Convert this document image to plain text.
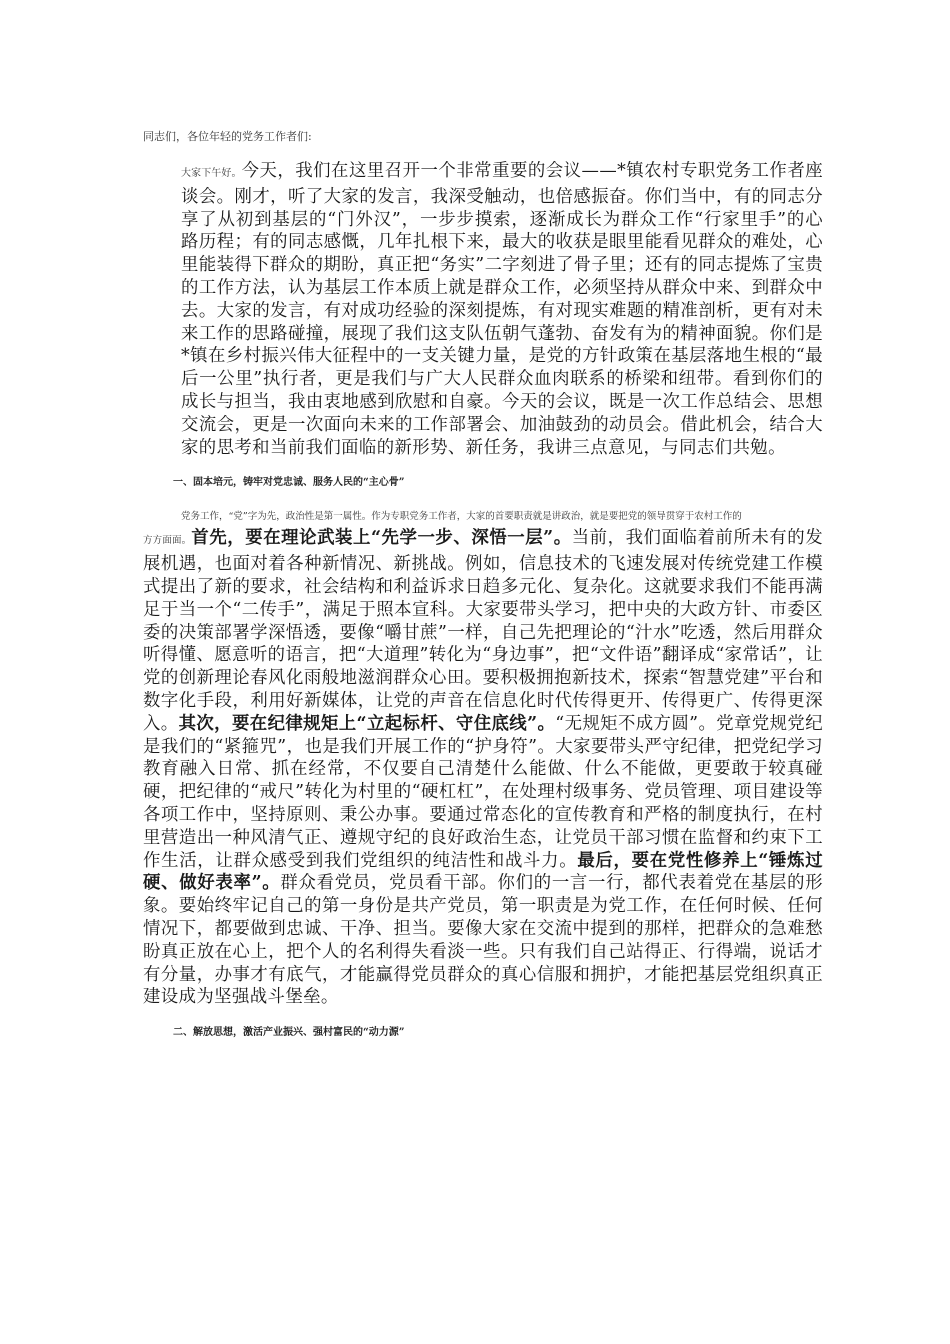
同志们，各位年轻的党务工作者们:

大家下午好。今天，我们在这里召开一个非常重要的会议——*镇农村专职党务工作者座谈会。刚才，听了大家的发言，我深受触动，也倍感振奋。你们当中，有的同志分享了从初到基层的“门外汉”，一步步摸索，逐渐成长为群众工作“行家里手”的心路历程；有的同志感慨，几年扎根下来，最大的收获是眼里能看见群众的难处，心里能装得下群众的期盼，真正把“务实”二字刻进了骨子里；还有的同志提炼了宝贵的工作方法，认为基层工作本质上就是群众工作，必须坚持从群众中来、到群众中去。大家的发言，有对成功经验的深刻提炼，有对现实难题的精准剖析，更有对未来工作的思路碰撞，展现了我们这支队伍朝气蓬勃、奋发有为的精神面貌。你们是*镇在乡村振兴伟大征程中的一支关键力量，是党的方针政策在基层落地生根的“最后一公里”执行者，更是我们与广大人民群众血肉联系的桥梁和纽带。看到你们的成长与担当，我由衷地感到欣慰和自豪。今天的会议，既是一次工作总结会、思想交流会，更是一次面向未来的工作部署会、加油鼓劲的动员会。借此机会，结合大家的思考和当前我们面临的新形势、新任务，我讲三点意见，与同志们共勉。

一、固本培元，铸牢对党忠诚、服务人民的“主心骨”

党务工作，“党”字为先，政治性是第一属性。作为专职党务工作者，大家的首要职责就是讲政治，就是要把党的领导贯穿于农村工作的

方方面面。首先，要在理论武装上“先学一步、深悟一层”。当前，我们面临着前所未有的发展机遇，也面对着各种新情况、新挑战。例如，信息技术的飞速发展对传统党建工作模式提出了新的要求，社会结构和利益诉求日趋多元化、复杂化。这就要求我们不能再满足于当一个“二传手”，满足于照本宣科。大家要带头学习，把中央的大政方针、市委区委的决策部署学深悟透，要像“嚼甘蔗”一样，自己先把理论的“汁水”吃透，然后用群众听得懂、愿意听的语言，把“大道理”转化为“身边事”，把“文件语”翻译成“家常话”，让党的创新理论春风化雨般地滋润群众心田。要积极拥抱新技术，探索“智慧党建”平台和数字化手段，利用好新媒体，让党的声音在信息化时代传得更开、传得更广、传得更深入。其次，要在纪律规矩上“立起标杆、守住底线”。“无规矩不成方圆”。党章党规党纪是我们的“紧箍咒”，也是我们开展工作的“护身符”。大家要带头严守纪律，把党纪学习教育融入日常、抓在经常，不仅要自己清楚什么能做、什么不能做，更要敢于较真碰硬，把纪律的“戒尺”转化为村里的“硬杠杠”，在处理村级事务、党员管理、项目建设等各项工作中，坚持原则、秉公办事。要通过常态化的宣传教育和严格的制度执行，在村里营造出一种风清气正、遵规守纪的良好政治生态，让党员干部习惯在监督和约束下工作生活，让群众感受到我们党组织的纯洁性和战斗力。最后，要在党性修养上“锤炼过硬、做好表率”。群众看党员，党员看干部。你们的一言一行，都代表着党在基层的形象。要始终牢记自己的第一身份是共产党员，第一职责是为党工作，在任何时候、任何情况下，都要做到忠诚、干净、担当。要像大家在交流中提到的那样，把群众的急难愁盼真正放在心上，把个人的名利得失看淡一些。只有我们自己站得正、行得端，说话才有分量，办事才有底气，才能赢得党员群众的真心信服和拥护，才能把基层党组织真正建设成为坚强战斗堡垒。

二、解放思想，激活产业振兴、强村富民的“动力源”
